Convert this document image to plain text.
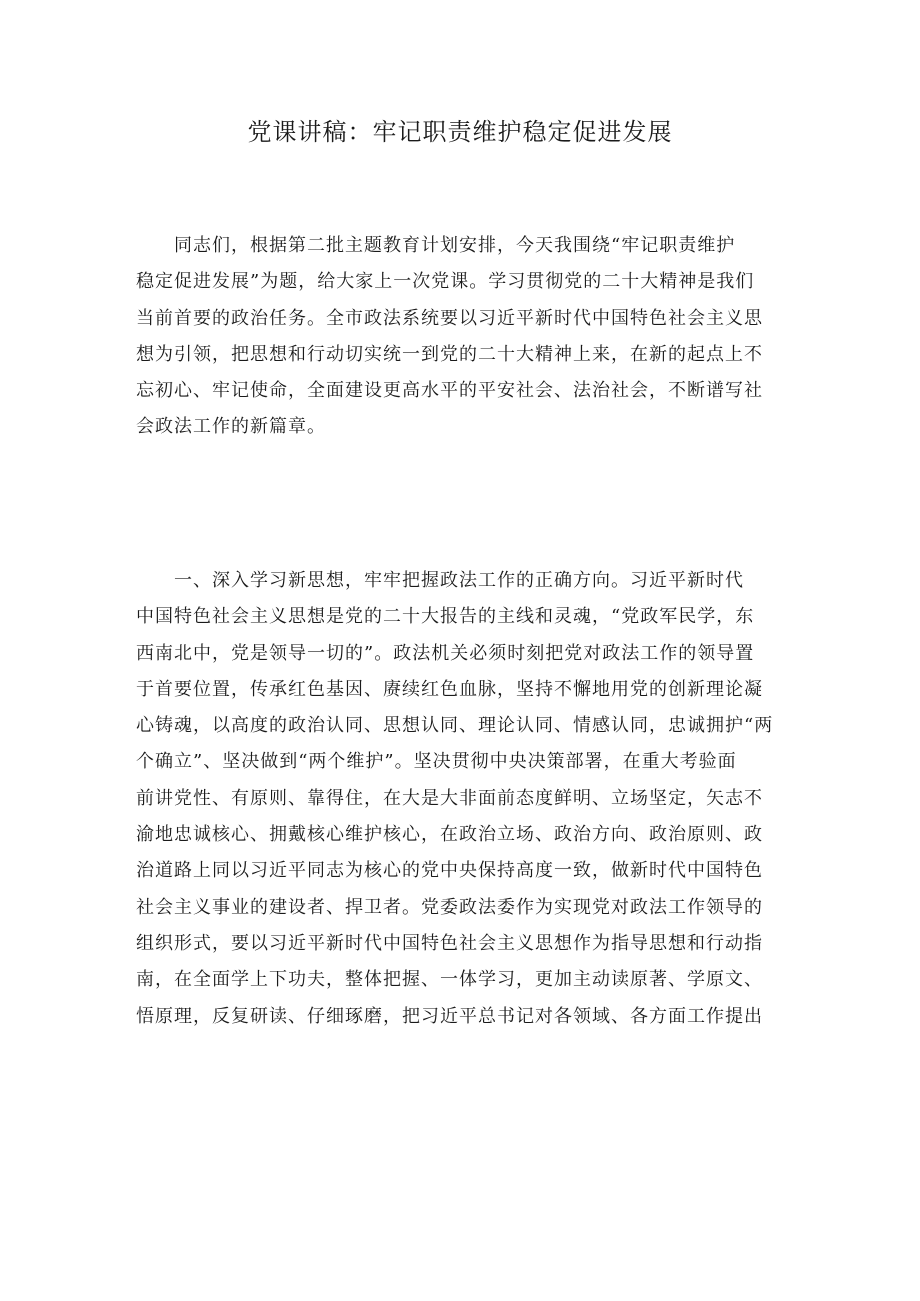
党课讲稿：牢记职责维护稳定促进发展
同志们，根据第二批主题教育计划安排，今天我围绕“牢记职责维护
稳定促进发展”为题，给大家上一次党课。学习贯彻党的二十大精神是我们
当前首要的政治任务。全市政法系统要以习近平新时代中国特色社会主义思
想为引领，把思想和行动切实统一到党的二十大精神上来，在新的起点上不
忘初心、牢记使命，全面建设更高水平的平安社会、法治社会，不断谱写社
会政法工作的新篇章。
一、深入学习新思想，牢牢把握政法工作的正确方向。习近平新时代
中国特色社会主义思想是党的二十大报告的主线和灵魂，“党政军民学，东
西南北中，党是领导一切的”。政法机关必须时刻把党对政法工作的领导置
于首要位置，传承红色基因、赓续红色血脉，坚持不懈地用党的创新理论凝
心铸魂，以高度的政治认同、思想认同、理论认同、情感认同，忠诚拥护“两
个确立”、坚决做到“两个维护”。坚决贯彻中央决策部署，在重大考验面
前讲党性、有原则、靠得住，在大是大非面前态度鲜明、立场坚定，矢志不
渝地忠诚核心、拥戴核心维护核心，在政治立场、政治方向、政治原则、政
治道路上同以习近平同志为核心的党中央保持高度一致，做新时代中国特色
社会主义事业的建设者、捍卫者。党委政法委作为实现党对政法工作领导的
组织形式，要以习近平新时代中国特色社会主义思想作为指导思想和行动指
南，在全面学上下功夫，整体把握、一体学习，更加主动读原著、学原文、
悟原理，反复研读、仔细琢磨，把习近平总书记对各领域、各方面工作提出
